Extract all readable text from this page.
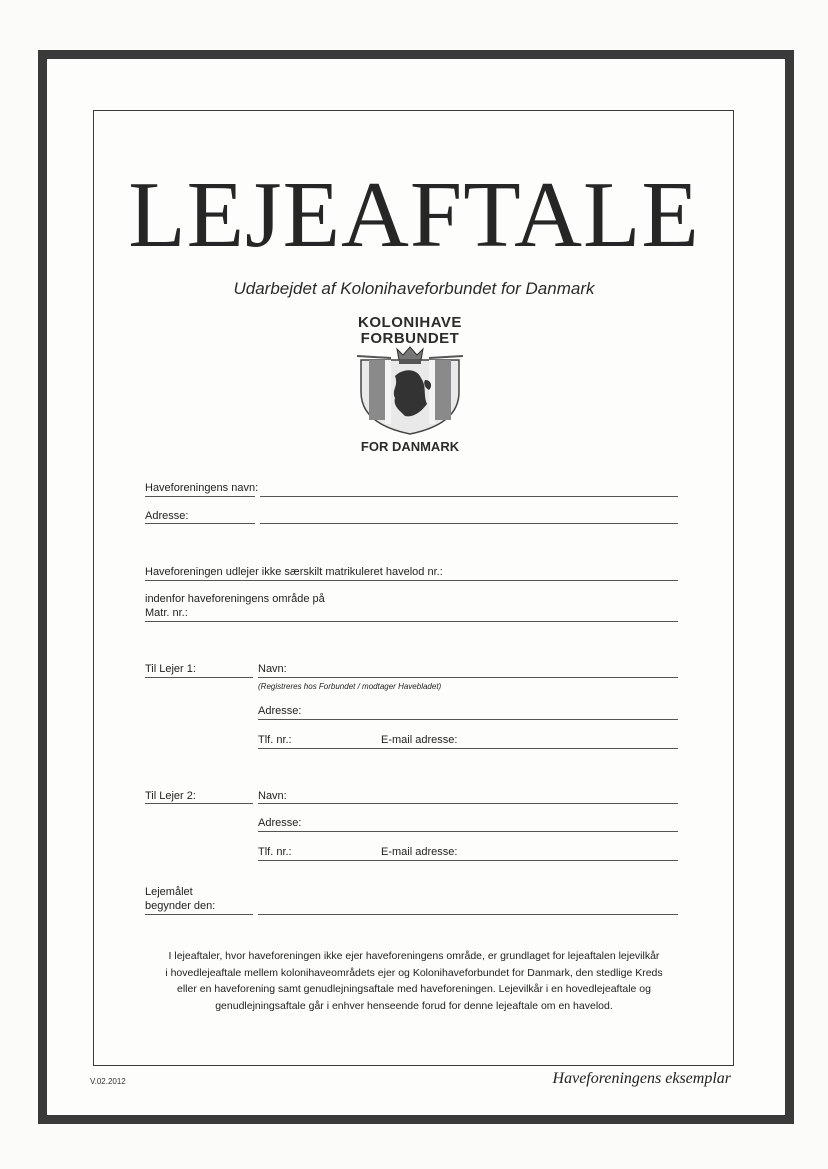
LEJEAFTALE
Udarbejdet af Kolonihaveforbundet for Danmark
KOLONIHAVE
FORBUNDET
FOR DANMARK
Haveforeningens navn:
Adresse:
Haveforeningen udlejer ikke særskilt matrikuleret havelod nr.:
indenfor haveforeningens område på
Matr. nr.:
Til Lejer 1:	Navn:
(Registreres hos Forbundet / modtager Havebladet)
Adresse:
Tlf. nr.:	E-mail adresse:
Til Lejer 2:	Navn:
Adresse:
Tlf. nr.:	E-mail adresse:
Lejemålet
begynder den:
I lejeaftaler, hvor haveforeningen ikke ejer haveforeningens område, er grundlaget for lejeaftalen lejevilkår
i hovedlejeaftale mellem kolonihaveområdets ejer og Kolonihaveforbundet for Danmark, den stedlige Kreds
eller en haveforening samt genudlejningsaftale med haveforeningen. Lejevilkår i en hovedlejeaftale og
genudlejningsaftale går i enhver henseende forud for denne lejeaftale om en havelod.
V.02.2012	Haveforeningens eksemplar
